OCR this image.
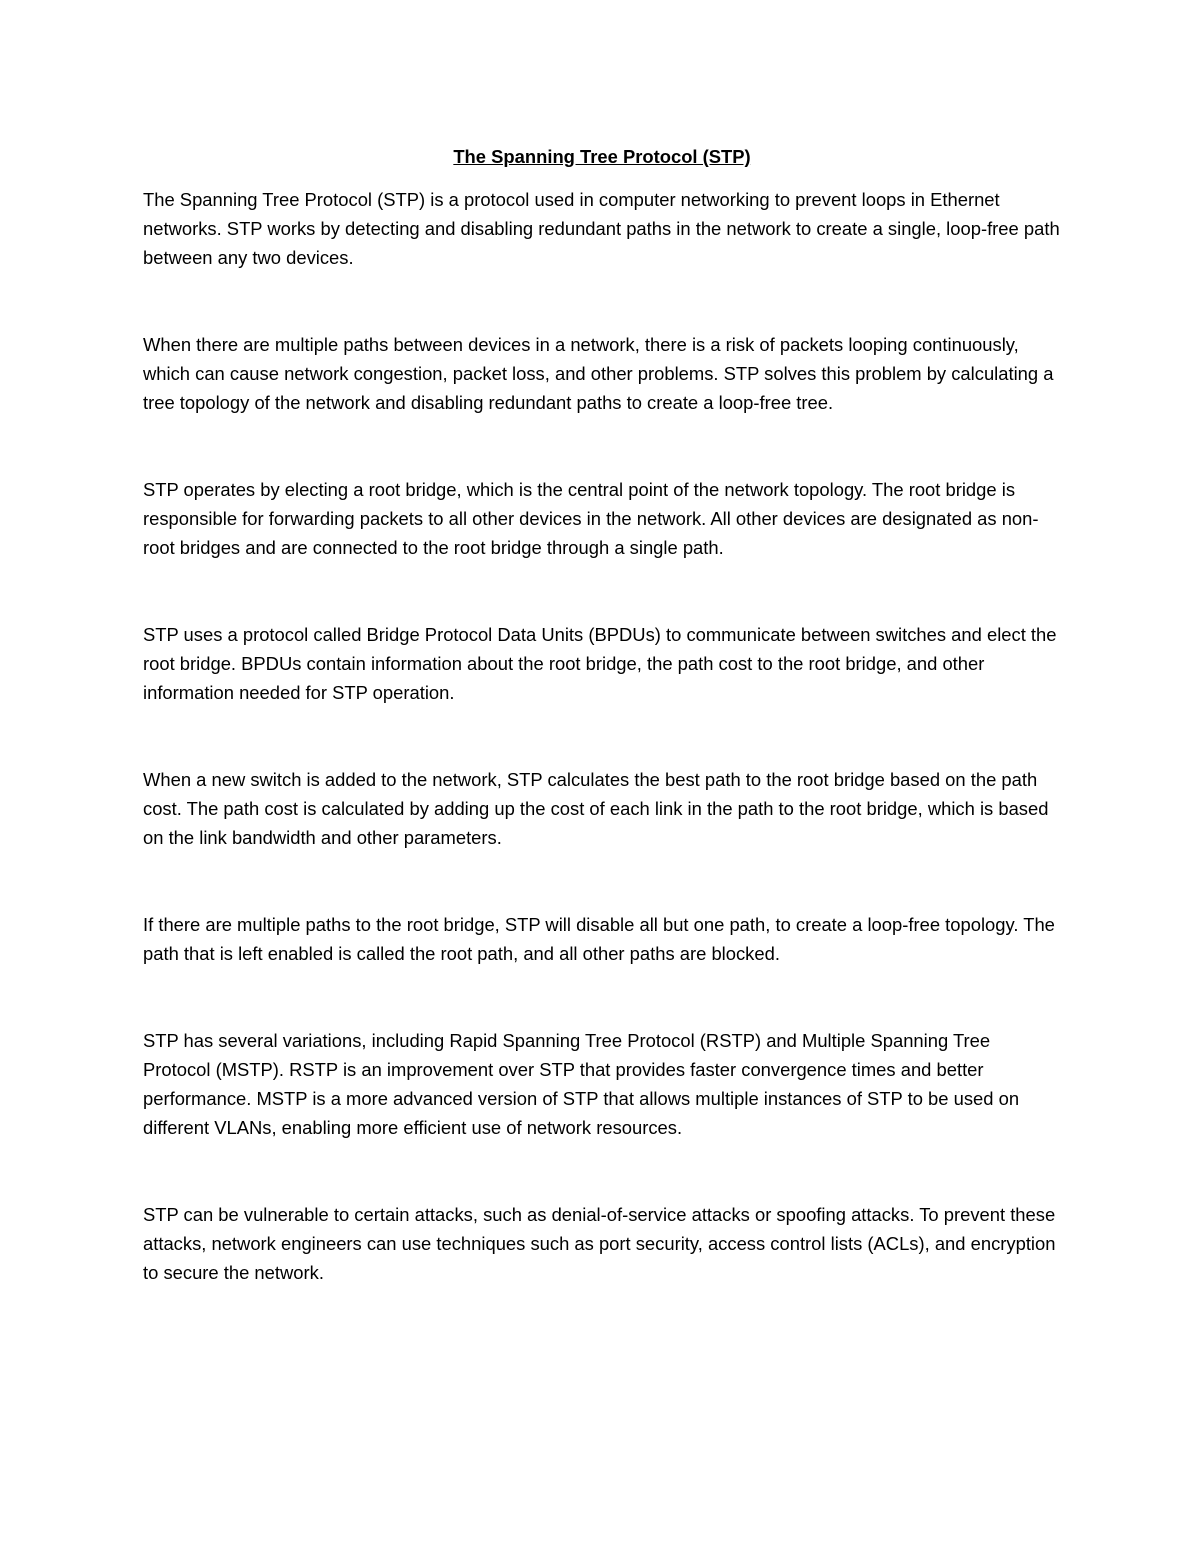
The Spanning Tree Protocol (STP)

The Spanning Tree Protocol (STP) is a protocol used in computer networking to prevent loops in Ethernet networks. STP works by detecting and disabling redundant paths in the network to create a single, loop-free path between any two devices.

When there are multiple paths between devices in a network, there is a risk of packets looping continuously, which can cause network congestion, packet loss, and other problems. STP solves this problem by calculating a tree topology of the network and disabling redundant paths to create a loop-free tree.

STP operates by electing a root bridge, which is the central point of the network topology. The root bridge is responsible for forwarding packets to all other devices in the network. All other devices are designated as non-root bridges and are connected to the root bridge through a single path.

STP uses a protocol called Bridge Protocol Data Units (BPDUs) to communicate between switches and elect the root bridge. BPDUs contain information about the root bridge, the path cost to the root bridge, and other information needed for STP operation.

When a new switch is added to the network, STP calculates the best path to the root bridge based on the path cost. The path cost is calculated by adding up the cost of each link in the path to the root bridge, which is based on the link bandwidth and other parameters.

If there are multiple paths to the root bridge, STP will disable all but one path, to create a loop-free topology. The path that is left enabled is called the root path, and all other paths are blocked.

STP has several variations, including Rapid Spanning Tree Protocol (RSTP) and Multiple Spanning Tree Protocol (MSTP). RSTP is an improvement over STP that provides faster convergence times and better performance. MSTP is a more advanced version of STP that allows multiple instances of STP to be used on different VLANs, enabling more efficient use of network resources.

STP can be vulnerable to certain attacks, such as denial-of-service attacks or spoofing attacks. To prevent these attacks, network engineers can use techniques such as port security, access control lists (ACLs), and encryption to secure the network.
